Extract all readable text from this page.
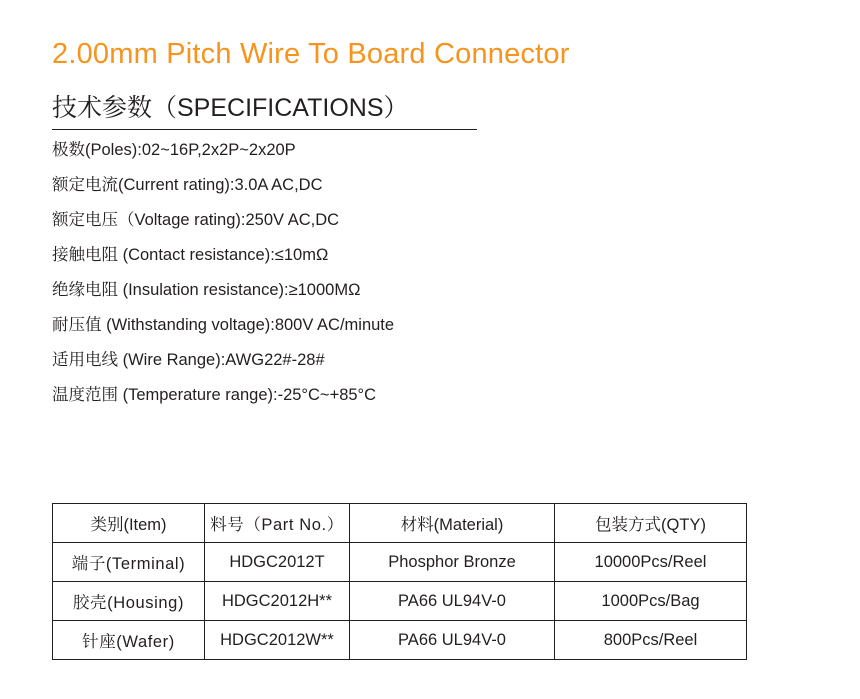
2.00mm Pitch Wire To Board Connector
技术参数（SPECIFICATIONS）
极数(Poles):02~16P,2x2P~2x20P
额定电流(Current rating):3.0A AC,DC
额定电压（Voltage rating):250V AC,DC
接触电阻 (Contact resistance):≤10mΩ
绝缘电阻 (Insulation resistance):≥1000MΩ
耐压值 (Withstanding voltage):800V AC/minute
适用电线 (Wire Range):AWG22#-28#
温度范围 (Temperature range):-25°C~+85°C
类别(Item)	料号（Part No.）	材料(Material)	包装方式(QTY)
端子(Terminal)	HDGC2012T	Phosphor Bronze	10000Pcs/Reel
胶壳(Housing)	HDGC2012H**	PA66 UL94V-0	1000Pcs/Bag
针座(Wafer)	HDGC2012W**	PA66 UL94V-0	800Pcs/Reel
